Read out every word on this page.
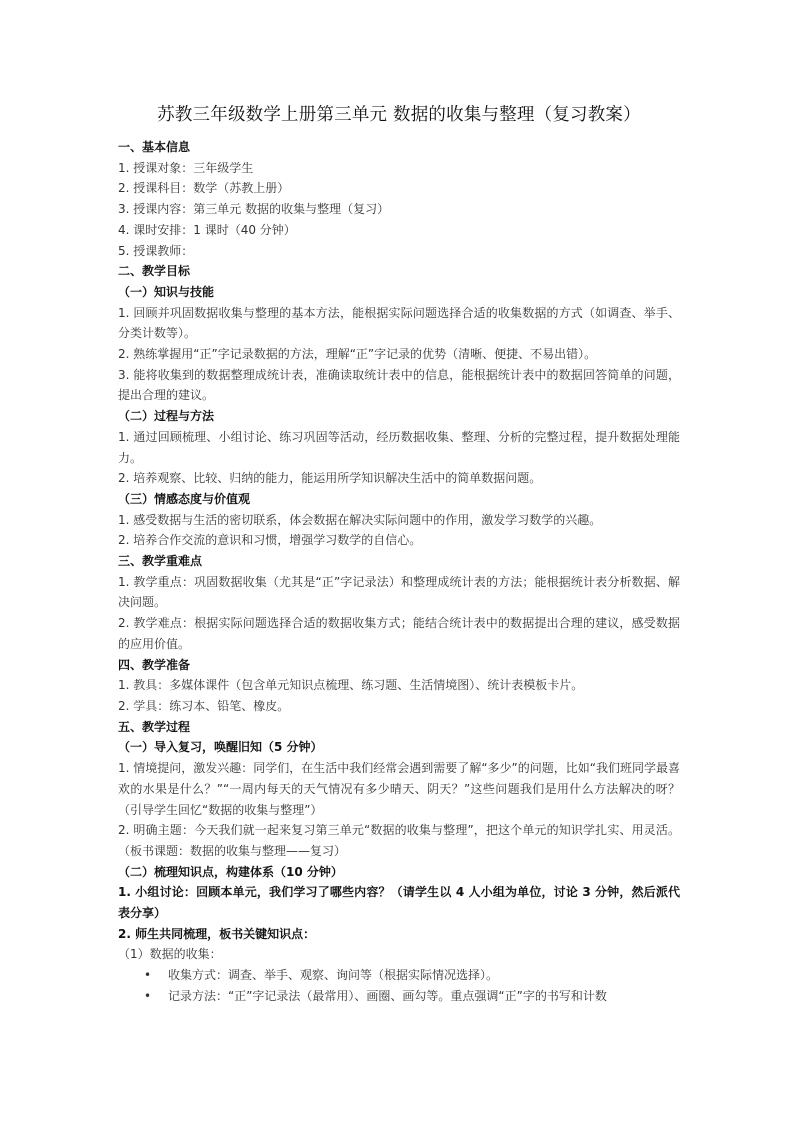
苏教三年级数学上册第三单元 数据的收集与整理（复习教案）
一、基本信息
1. 授课对象：三年级学生
2. 授课科目：数学（苏教上册）
3. 授课内容：第三单元 数据的收集与整理（复习）
4. 课时安排：1 课时（40 分钟）
5. 授课教师：
二、教学目标
（一）知识与技能
1. 回顾并巩固数据收集与整理的基本方法，能根据实际问题选择合适的收集数据的方式（如调查、举手、分类计数等）。
2. 熟练掌握用“正”字记录数据的方法，理解“正”字记录的优势（清晰、便捷、不易出错）。
3. 能将收集到的数据整理成统计表，准确读取统计表中的信息，能根据统计表中的数据回答简单的问题，提出合理的建议。
（二）过程与方法
1. 通过回顾梳理、小组讨论、练习巩固等活动，经历数据收集、整理、分析的完整过程，提升数据处理能力。
2. 培养观察、比较、归纳的能力，能运用所学知识解决生活中的简单数据问题。
（三）情感态度与价值观
1. 感受数据与生活的密切联系，体会数据在解决实际问题中的作用，激发学习数学的兴趣。
2. 培养合作交流的意识和习惯，增强学习数学的自信心。
三、教学重难点
1. 教学重点：巩固数据收集（尤其是“正”字记录法）和整理成统计表的方法；能根据统计表分析数据、解决问题。
2. 教学难点：根据实际问题选择合适的数据收集方式；能结合统计表中的数据提出合理的建议，感受数据的应用价值。
四、教学准备
1. 教具：多媒体课件（包含单元知识点梳理、练习题、生活情境图）、统计表模板卡片。
2. 学具：练习本、铅笔、橡皮。
五、教学过程
（一）导入复习，唤醒旧知（5 分钟）
1. 情境提问，激发兴趣：同学们，在生活中我们经常会遇到需要了解“多少”的问题，比如“我们班同学最喜欢的水果是什么？”“一周内每天的天气情况有多少晴天、阴天？”这些问题我们是用什么方法解决的呀？（引导学生回忆“数据的收集与整理”）
2. 明确主题：今天我们就一起来复习第三单元“数据的收集与整理”，把这个单元的知识学扎实、用灵活。（板书课题：数据的收集与整理——复习）
（二）梳理知识点，构建体系（10 分钟）
1. 小组讨论：回顾本单元，我们学习了哪些内容？（请学生以 4 人小组为单位，讨论 3 分钟，然后派代表分享）
2. 师生共同梳理，板书关键知识点：
（1）数据的收集：
• 收集方式：调查、举手、观察、询问等（根据实际情况选择）。
• 记录方法：“正”字记录法（最常用）、画圈、画勾等。重点强调“正”字的书写和计数
